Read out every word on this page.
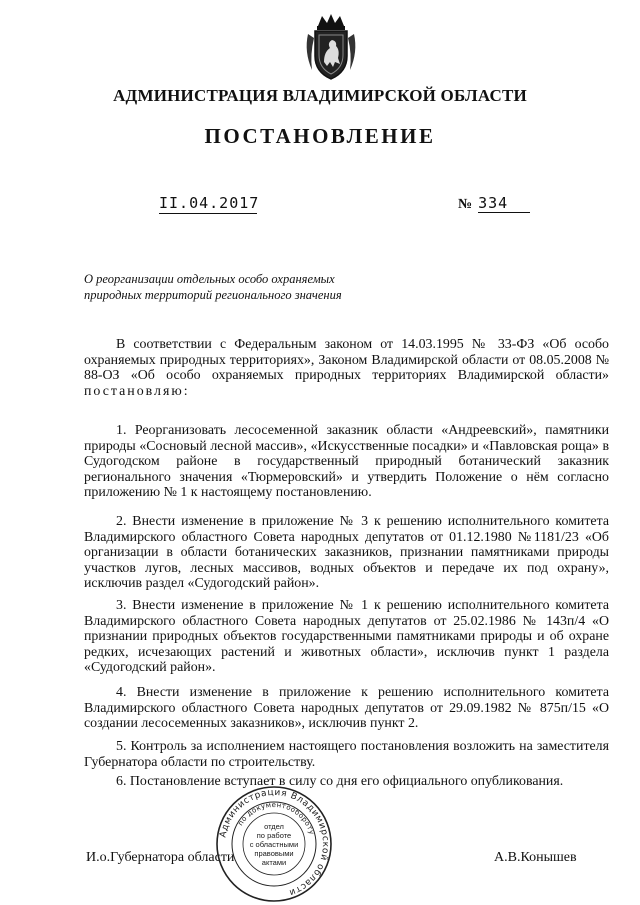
АДМИНИСТРАЦИЯ ВЛАДИМИРСКОЙ ОБЛАСТИ
ПОСТАНОВЛЕНИЕ
II.04.2017	№ 334
О реорганизации отдельных особо охраняемых
природных территорий регионального значения
В соответствии с Федеральным законом от 14.03.1995 № 33-ФЗ «Об особо охраняемых природных территориях», Законом Владимирской области от 08.05.2008 № 88-ОЗ «Об особо охраняемых природных территориях Владимирской области» постановляю:
1. Реорганизовать лесосеменной заказник области «Андреевский», памятники природы «Сосновый лесной массив», «Искусственные посадки» и «Павловская роща» в Судогодском районе в государственный природный ботанический заказник регионального значения «Тюрмеровский» и утвердить Положение о нём согласно приложению № 1 к настоящему постановлению.
2. Внести изменение в приложение № 3 к решению исполнительного комитета Владимирского областного Совета народных депутатов от 01.12.1980 №1181/23 «Об организации в области ботанических заказников, признании памятниками природы участков лугов, лесных массивов, водных объектов и передаче их под охрану», исключив раздел «Судогодский район».
3. Внести изменение в приложение № 1 к решению исполнительного комитета Владимирского областного Совета народных депутатов от 25.02.1986 № 143п/4 «О признании природных объектов государственными памятниками природы и об охране редких, исчезающих растений и животных области», исключив пункт 1 раздела «Судогодский район».
4. Внести изменение в приложение к решению исполнительного комитета Владимирского областного Совета народных депутатов от 29.09.1982 № 875п/15 «О создании лесосеменных заказников», исключив пункт 2.
5. Контроль за исполнением настоящего постановления возложить на заместителя Губернатора области по строительству.
6. Постановление вступает в силу со дня его официального опубликования.
И.о.Губернатора области	А.В.Конышев
Администрация Владимирской области
по документообороту
отдел
по работе
с областными
правовыми
актами
